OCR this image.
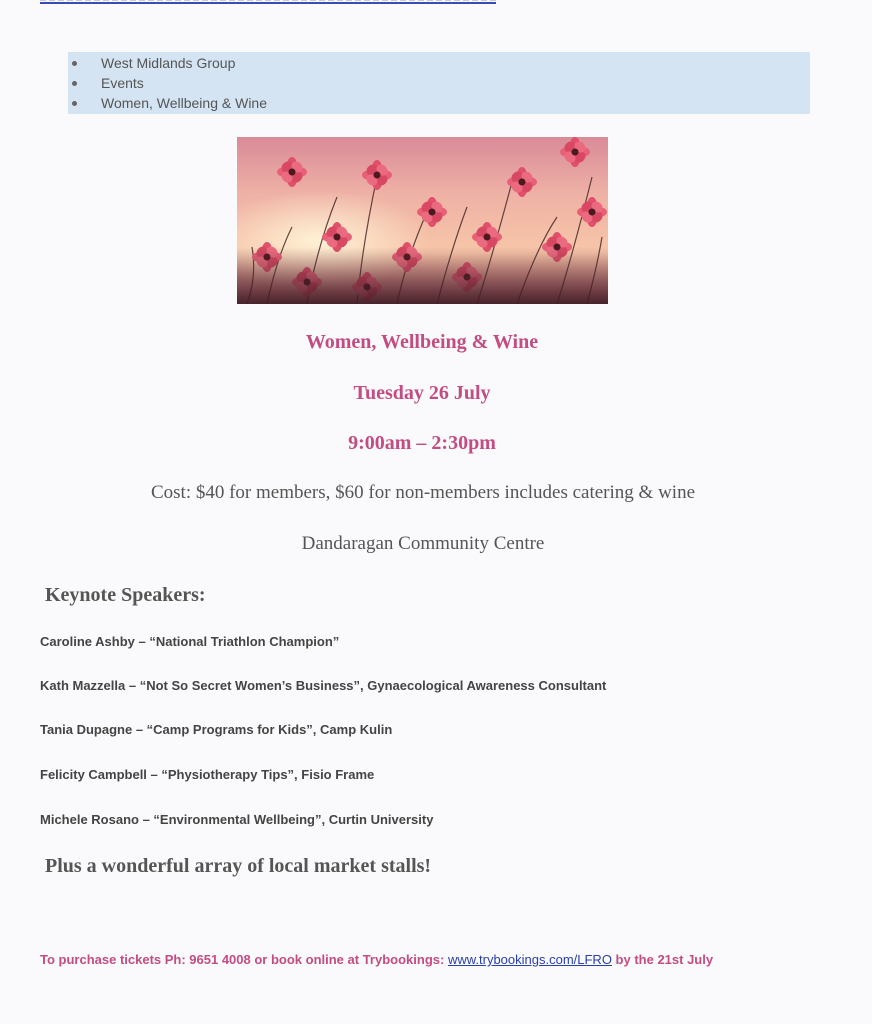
West Midlands Group
Events
Women, Wellbeing & Wine
Women, Wellbeing & Wine
Tuesday 26 July
9:00am – 2:30pm
Cost: $40 for members, $60 for non-members includes catering & wine
Dandaragan Community Centre
Keynote Speakers:
Caroline Ashby – “National Triathlon Champion”
Kath Mazzella – “Not So Secret Women’s Business”, Gynaecological Awareness Consultant
Tania Dupagne – “Camp Programs for Kids”, Camp Kulin
Felicity Campbell – “Physiotherapy Tips”, Fisio Frame
Michele Rosano – “Environmental Wellbeing”, Curtin University
Plus a wonderful array of local market stalls!
To purchase tickets Ph: 9651 4008 or book online at Trybookings: www.trybookings.com/LFRO by the 21st July
